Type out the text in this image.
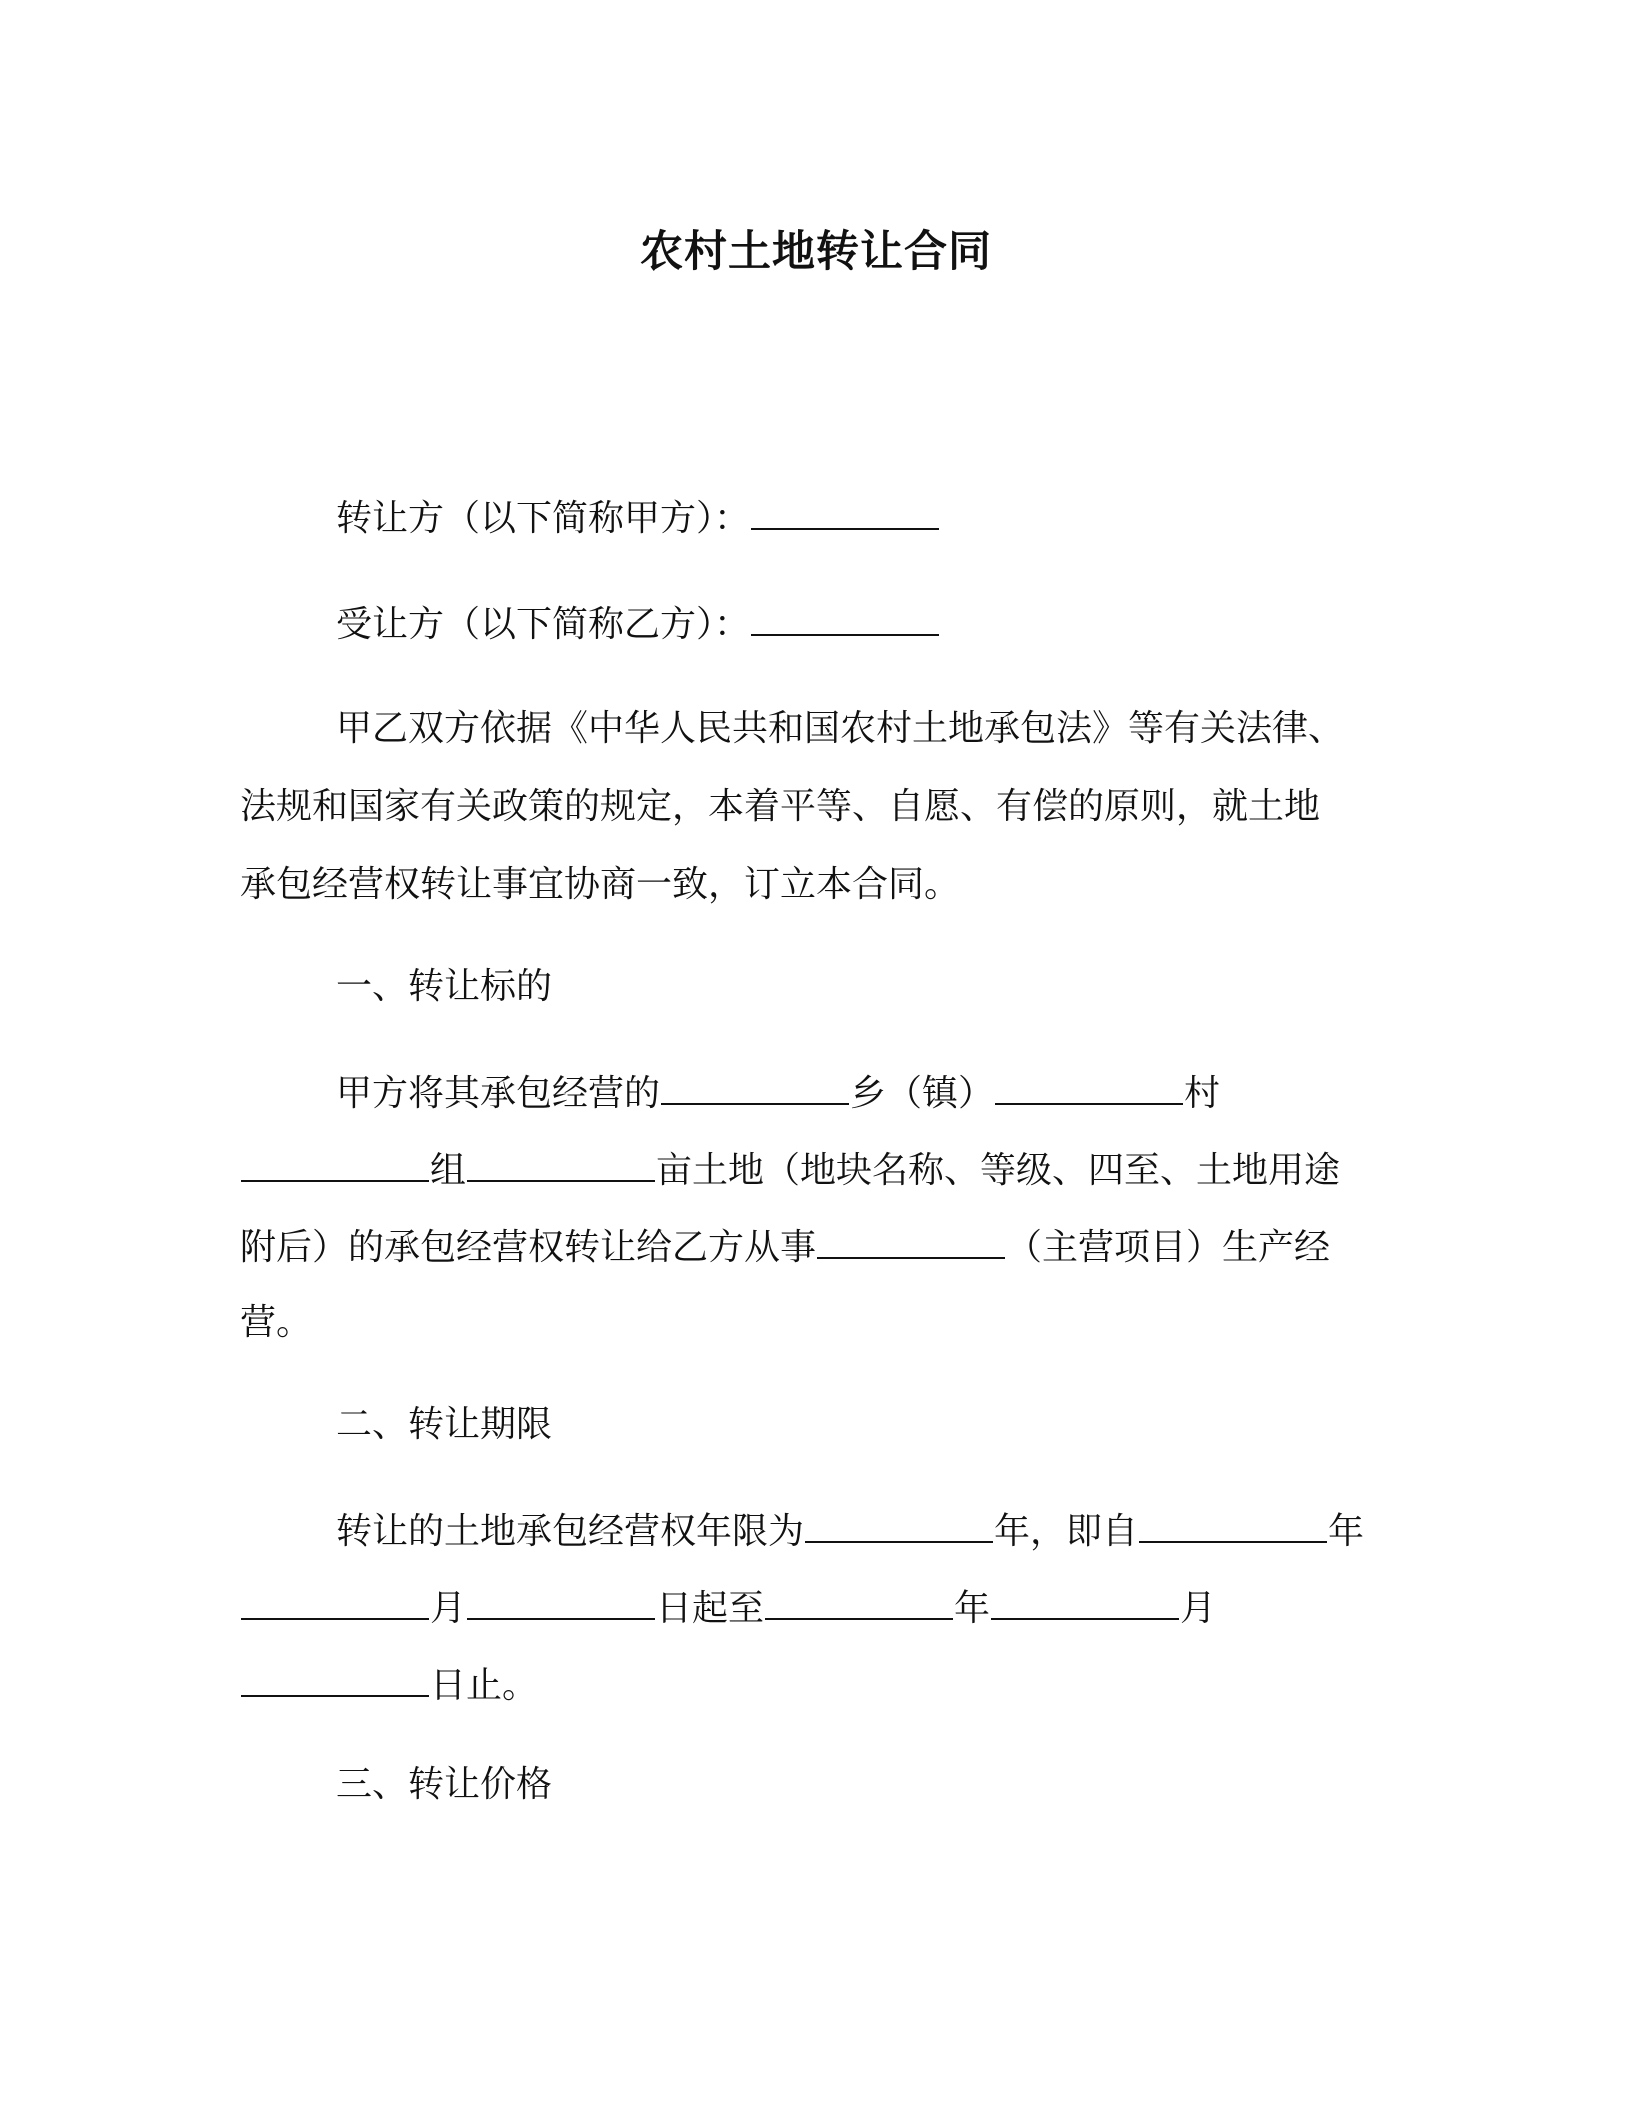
农村土地转让合同
转让方（以下简称甲方）：
受让方（以下简称乙方）：
甲乙双方依据《中华人民共和国农村土地承包法》等有关法律、
法规和国家有关政策的规定，本着平等、自愿、有偿的原则，就土地
承包经营权转让事宜协商一致，订立本合同。
一、转让标的
甲方将其承包经营的	乡（镇）	村
组	亩土地（地块名称、等级、四至、土地用途
附后）的承包经营权转让给乙方从事	（主营项目）生产经
营。
二、转让期限
转让的土地承包经营权年限为	年，即自	年
月	日起至	年	月
日止。
三、转让价格
